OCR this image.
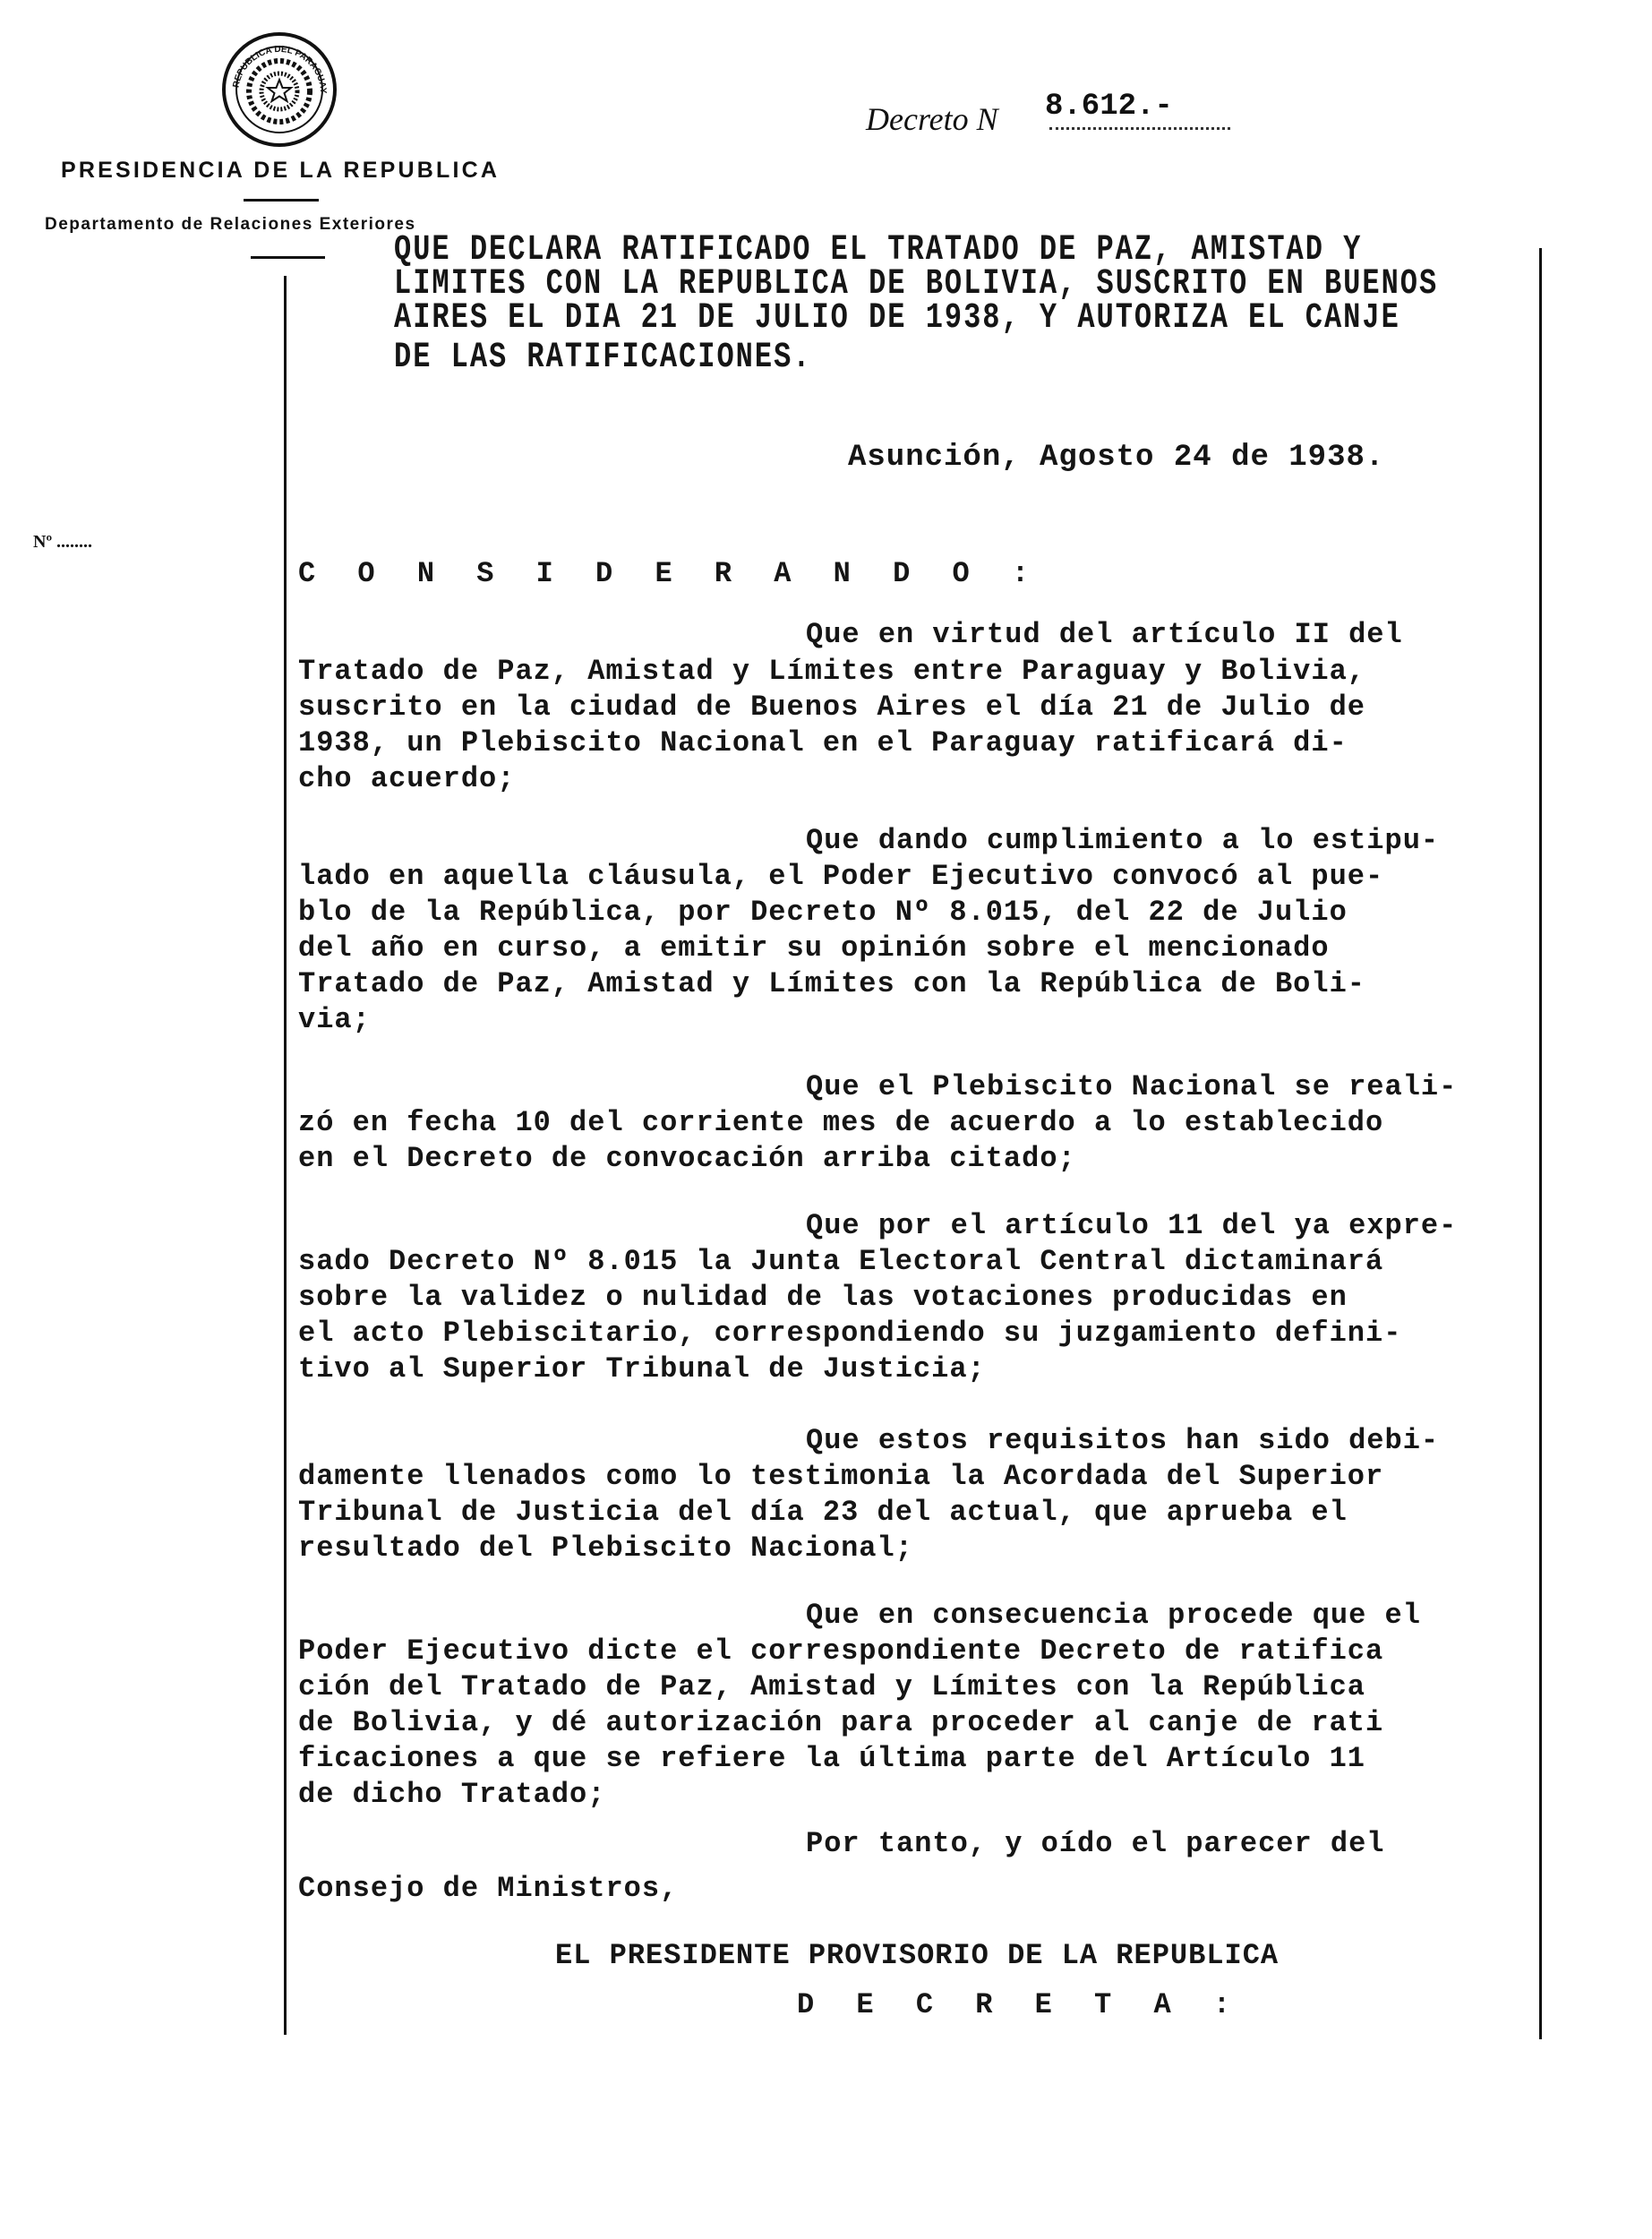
REPUBLICA DEL PARAGUAY
PRESIDENCIA DE LA REPUBLICA
Departamento de Relaciones Exteriores
Decreto N 8.612.-
Nº ........
QUE DECLARA RATIFICADO EL TRATADO DE PAZ, AMISTAD Y
LIMITES CON LA REPUBLICA DE BOLIVIA, SUSCRITO EN BUENOS
AIRES EL DIA 21 DE JULIO DE 1938, Y AUTORIZA EL CANJE
DE LAS RATIFICACIONES.
Asunción, Agosto 24 de 1938.
C O N S I D E R A N D O :
Que en virtud del artículo II del
Tratado de Paz, Amistad y Límites entre Paraguay y Bolivia,
suscrito en la ciudad de Buenos Aires el día 21 de Julio de
1938, un Plebiscito Nacional en el Paraguay ratificará di-
cho acuerdo;
Que dando cumplimiento a lo estipu-
lado en aquella cláusula, el Poder Ejecutivo convocó al pue-
blo de la República, por Decreto Nº 8.015, del 22 de Julio
del año en curso, a emitir su opinión sobre el mencionado
Tratado de Paz, Amistad y Límites con la República de Boli-
via;
Que el Plebiscito Nacional se reali-
zó en fecha 10 del corriente mes de acuerdo a lo establecido
en el Decreto de convocación arriba citado;
Que por el artículo 11 del ya expre-
sado Decreto Nº 8.015 la Junta Electoral Central dictaminará
sobre la validez o nulidad de las votaciones producidas en
el acto Plebiscitario, correspondiendo su juzgamiento defini-
tivo al Superior Tribunal de Justicia;
Que estos requisitos han sido debi-
damente llenados como lo testimonia la Acordada del Superior
Tribunal de Justicia del día 23 del actual, que aprueba el
resultado del Plebiscito Nacional;
Que en consecuencia procede que el
Poder Ejecutivo dicte el correspondiente Decreto de ratifica
ción del Tratado de Paz, Amistad y Límites con la República
de Bolivia, y dé autorización para proceder al canje de rati
ficaciones a que se refiere la última parte del Artículo 11
de dicho Tratado;
Por tanto, y oído el parecer del
Consejo de Ministros,
EL PRESIDENTE PROVISORIO DE LA REPUBLICA
D E C R E T A :
